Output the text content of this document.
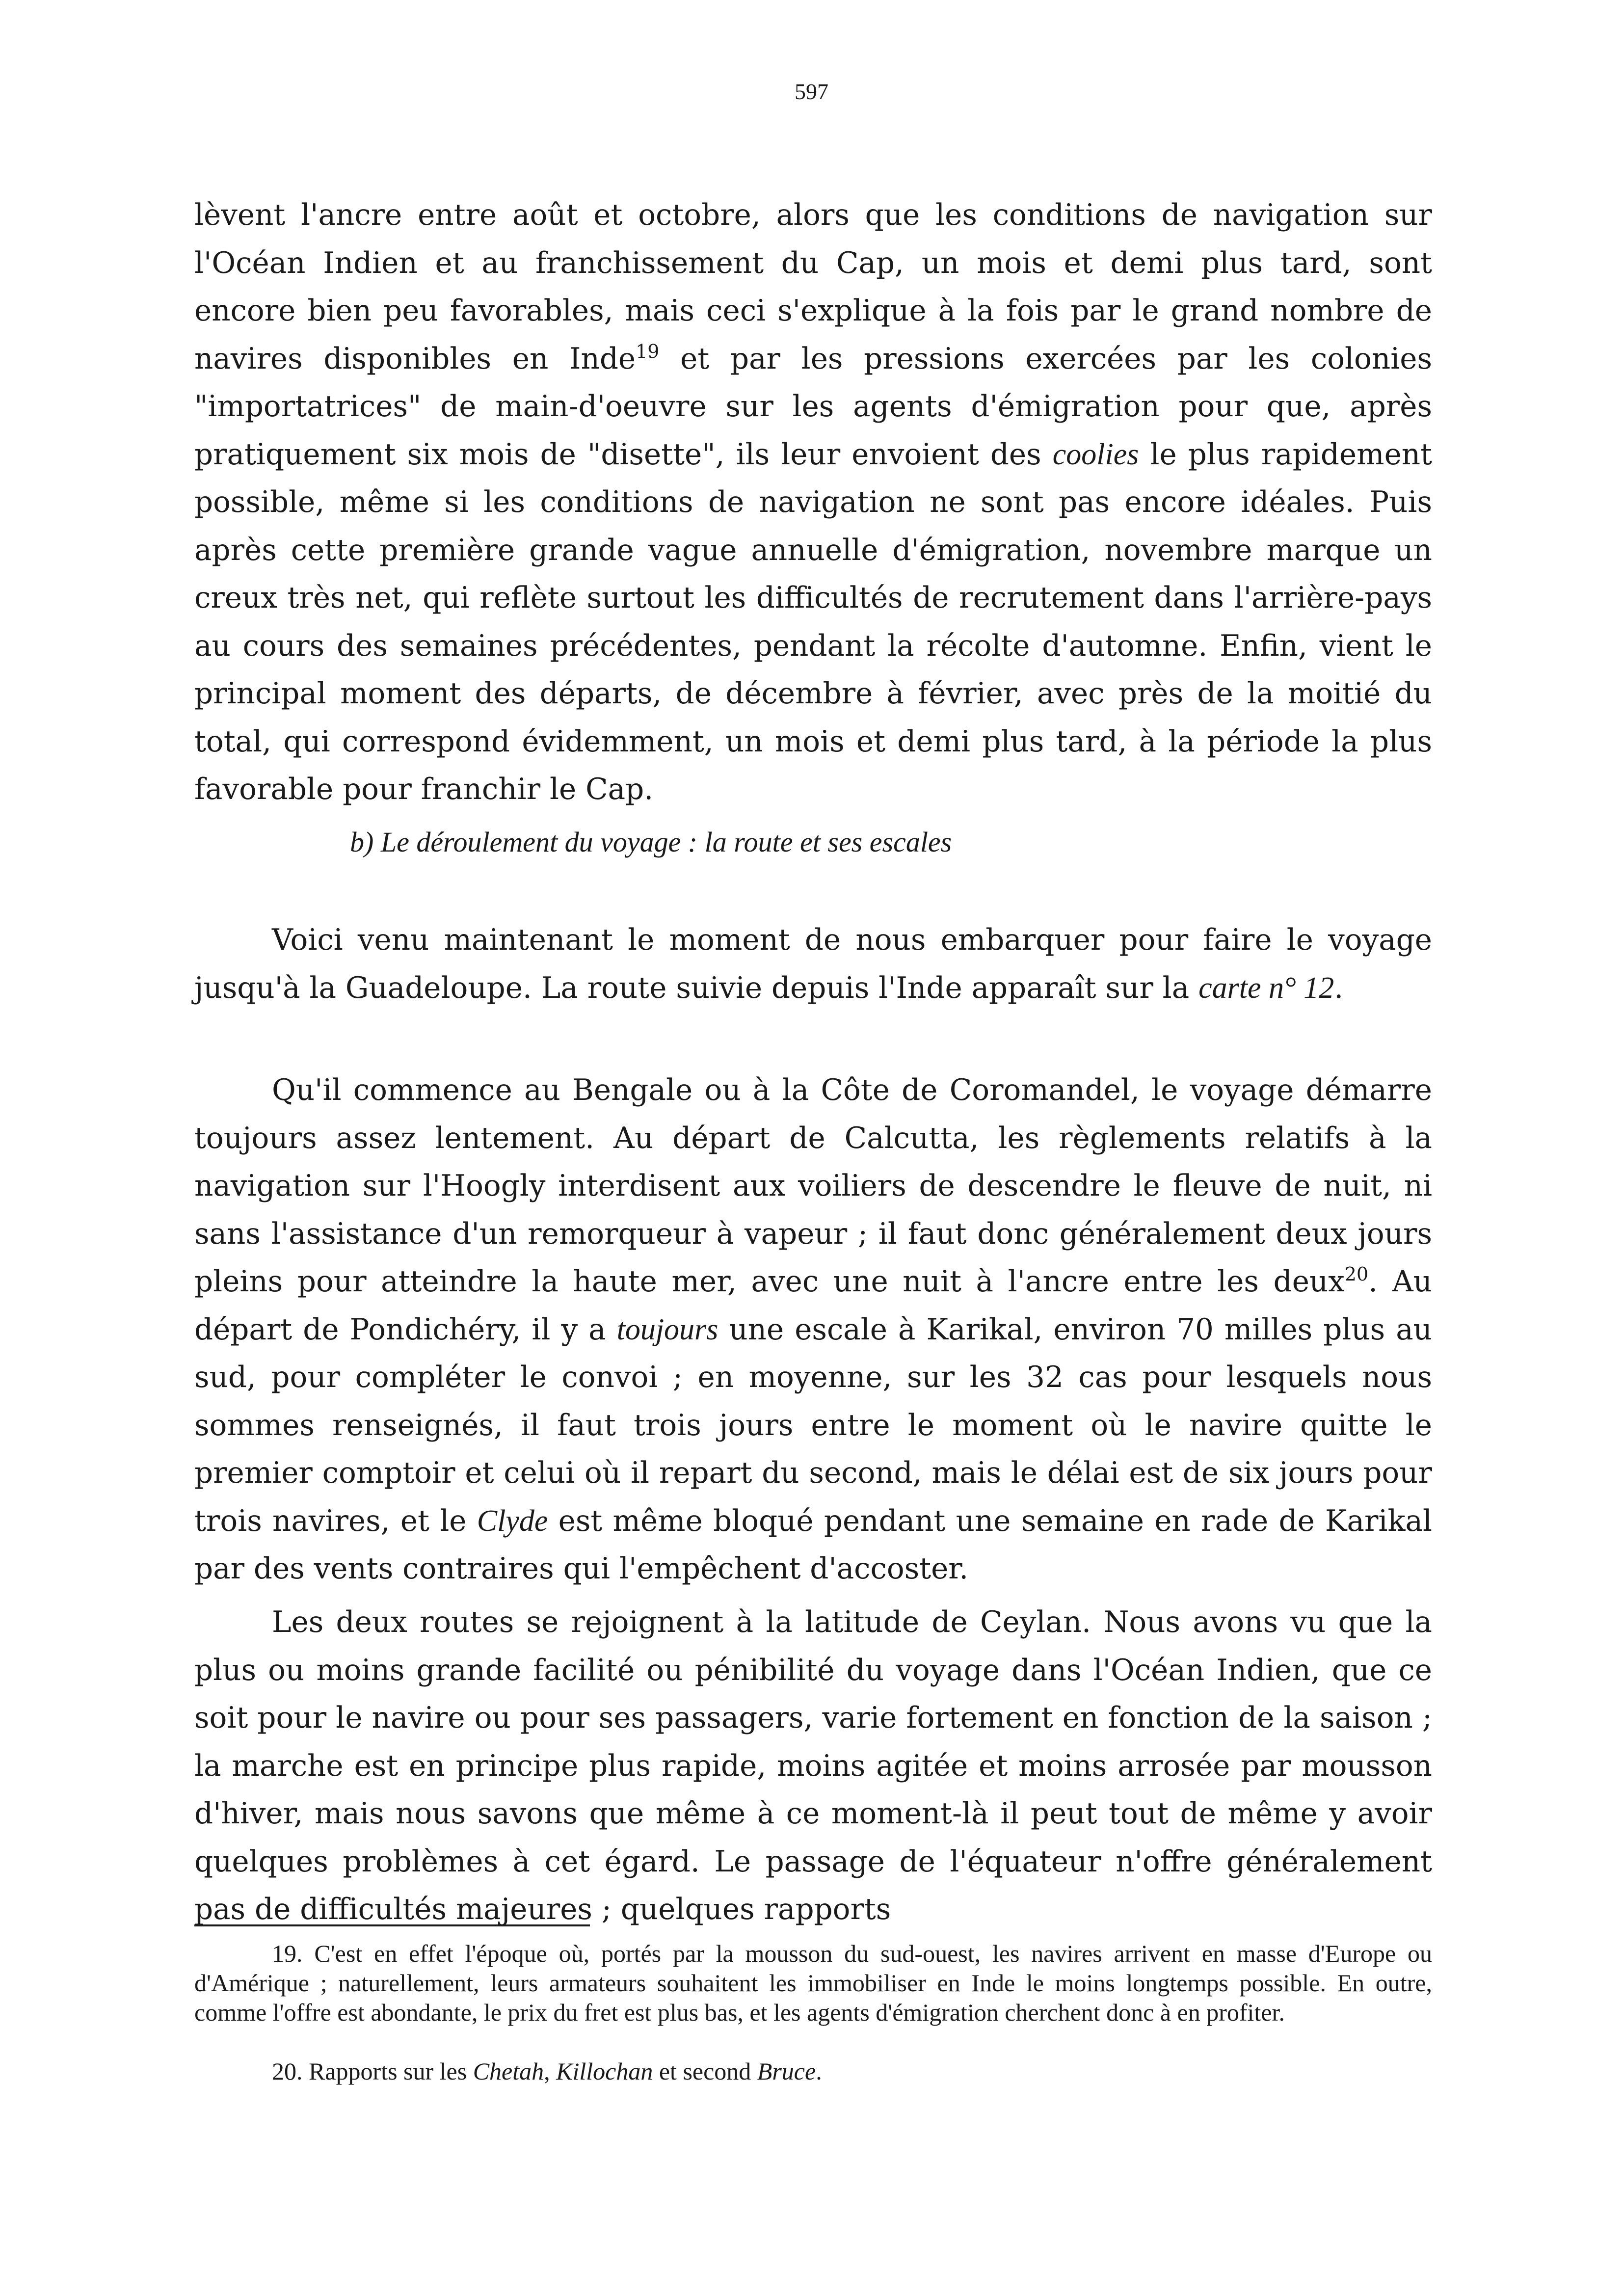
597

lèvent l'ancre entre août et octobre, alors que les conditions de navigation sur l'Océan Indien et au franchissement du Cap, un mois et demi plus tard, sont encore bien peu favorables, mais ceci s'explique à la fois par le grand nombre de navires disponibles en Inde$^{19}$ et par les pressions exercées par les colonies "importatrices" de main-d'oeuvre sur les agents d'émigration pour que, après pratiquement six mois de "disette", ils leur envoient des coolies le plus rapidement possible, même si les conditions de navigation ne sont pas encore idéales. Puis après cette première grande vague annuelle d'émigration, novembre marque un creux très net, qui reflète surtout les difficultés de recrutement dans l'arrière-pays au cours des semaines précédentes, pendant la récolte d'automne. Enfin, vient le principal moment des départs, de décembre à février, avec près de la moitié du total, qui correspond évidemment, un mois et demi plus tard, à la période la plus favorable pour franchir le Cap.

b) Le déroulement du voyage : la route et ses escales

Voici venu maintenant le moment de nous embarquer pour faire le voyage jusqu'à la Guadeloupe. La route suivie depuis l'Inde apparaît sur la carte n° 12.

Qu'il commence au Bengale ou à la Côte de Coromandel, le voyage démarre toujours assez lentement. Au départ de Calcutta, les règlements relatifs à la navigation sur l'Hoogly interdisent aux voiliers de descendre le fleuve de nuit, ni sans l'assistance d'un remorqueur à vapeur ; il faut donc généralement deux jours pleins pour atteindre la haute mer, avec une nuit à l'ancre entre les deux$^{20}$. Au départ de Pondichéry, il y a toujours une escale à Karikal, environ 70 milles plus au sud, pour compléter le convoi ; en moyenne, sur les 32 cas pour lesquels nous sommes renseignés, il faut trois jours entre le moment où le navire quitte le premier comptoir et celui où il repart du second, mais le délai est de six jours pour trois navires, et le Clyde est même bloqué pendant une semaine en rade de Karikal par des vents contraires qui l'empêchent d'accoster.

Les deux routes se rejoignent à la latitude de Ceylan. Nous avons vu que la plus ou moins grande facilité ou pénibilité du voyage dans l'Océan Indien, que ce soit pour le navire ou pour ses passagers, varie fortement en fonction de la saison ; la marche est en principe plus rapide, moins agitée et moins arrosée par mousson d'hiver, mais nous savons que même à ce moment-là il peut tout de même y avoir quelques problèmes à cet égard. Le passage de l'équateur n'offre généralement pas de difficultés majeures ; quelques rapports

19. C'est en effet l'époque où, portés par la mousson du sud-ouest, les navires arrivent en masse d'Europe ou d'Amérique ; naturellement, leurs armateurs souhaitent les immobiliser en Inde le moins longtemps possible. En outre, comme l'offre est abondante, le prix du fret est plus bas, et les agents d'émigration cherchent donc à en profiter.

20. Rapports sur les Chetah, Killochan et second Bruce.
